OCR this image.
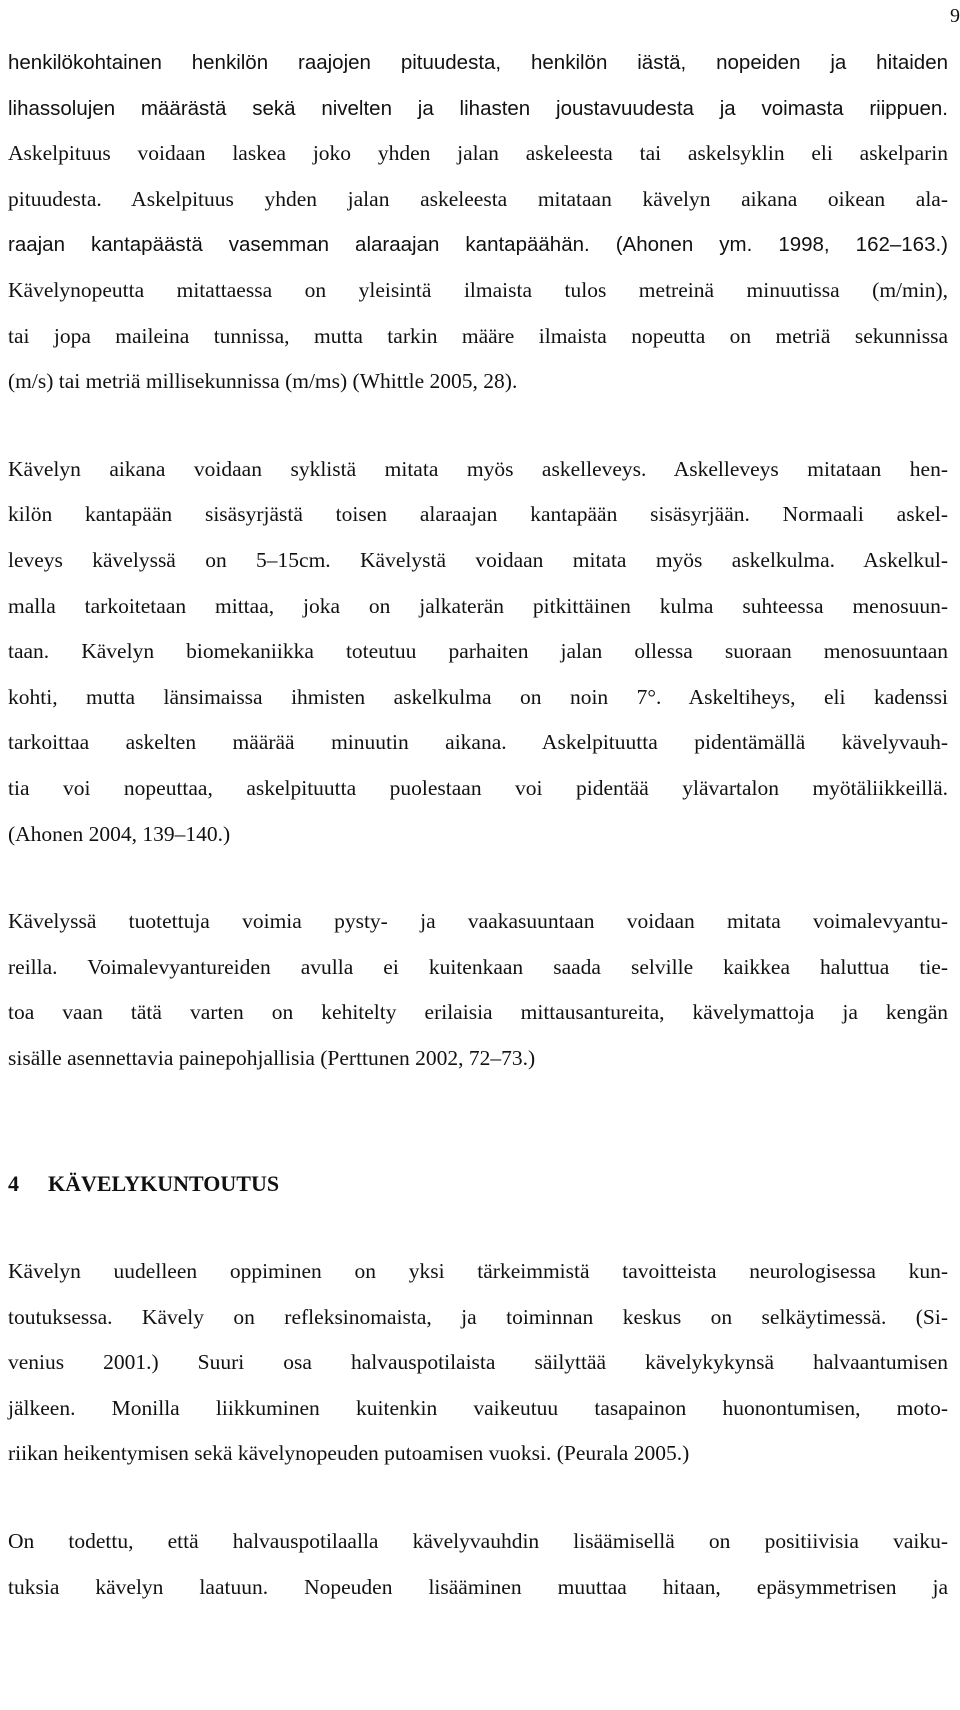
9

henkilökohtainen henkilön raajojen pituudesta, henkilön iästä, nopeiden ja hitaiden
lihassolujen määrästä sekä nivelten ja lihasten joustavuudesta ja voimasta riippuen.
Askelpituus voidaan laskea joko yhden jalan askeleesta tai askelsyklin eli askelparin
pituudesta. Askelpituus yhden jalan askeleesta mitataan kävelyn aikana oikean ala-
raajan kantapäästä vasemman alaraajan kantapäähän. (Ahonen ym. 1998, 162–163.)
Kävelynopeutta mitattaessa on yleisintä ilmaista tulos metreinä minuutissa (m/min),
tai jopa maileina tunnissa, mutta tarkin määre ilmaista nopeutta on metriä sekunnissa
(m/s) tai metriä millisekunnissa (m/ms) (Whittle 2005, 28).

Kävelyn aikana voidaan syklistä mitata myös askelleveys. Askelleveys mitataan hen-
kilön kantapään sisäsyrjästä toisen alaraajan kantapään sisäsyrjään. Normaali askel-
leveys kävelyssä on 5–15cm. Kävelystä voidaan mitata myös askelkulma. Askelkul-
malla tarkoitetaan mittaa, joka on jalkaterän pitkittäinen kulma suhteessa menosuun-
taan. Kävelyn biomekaniikka toteutuu parhaiten jalan ollessa suoraan menosuuntaan
kohti, mutta länsimaissa ihmisten askelkulma on noin 7°. Askeltiheys, eli kadenssi
tarkoittaa askelten määrää minuutin aikana. Askelpituutta pidentämällä kävelyvauh-
tia voi nopeuttaa, askelpituutta puolestaan voi pidentää ylävartalon myötäliikkeillä.
(Ahonen 2004, 139–140.)

Kävelyssä tuotettuja voimia pysty- ja vaakasuuntaan voidaan mitata voimalevyantu-
reilla. Voimalevyantureiden avulla ei kuitenkaan saada selville kaikkea haluttua tie-
toa vaan tätä varten on kehitelty erilaisia mittausantureita, kävelymattoja ja kengän
sisälle asennettavia painepohjallisia (Perttunen 2002, 72–73.)

4	KÄVELYKUNTOUTUS

Kävelyn uudelleen oppiminen on yksi tärkeimmistä tavoitteista neurologisessa kun-
toutuksessa. Kävely on refleksinomaista, ja toiminnan keskus on selkäytimessä. (Si-
venius 2001.) Suuri osa halvauspotilaista säilyttää kävelykykynsä halvaantumisen
jälkeen. Monilla liikkuminen kuitenkin vaikeutuu tasapainon huonontumisen, moto-
riikan heikentymisen sekä kävelynopeuden putoamisen vuoksi. (Peurala 2005.)

On todettu, että halvauspotilaalla kävelyvauhdin lisäämisellä on positiivisia vaiku-
tuksia kävelyn laatuun. Nopeuden lisääminen muuttaa hitaan, epäsymmetrisen ja
